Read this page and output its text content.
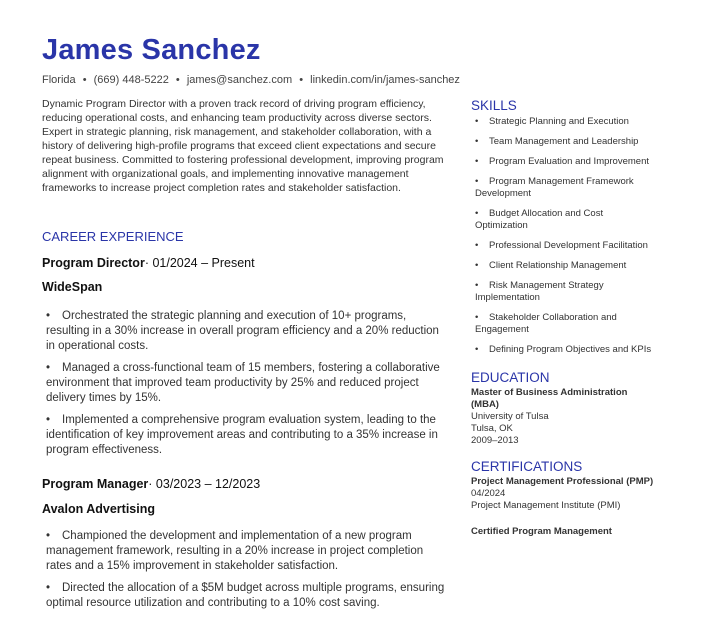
James Sanchez
Florida • (669) 448-5222 • james@sanchez.com • linkedin.com/in/james-sanchez
Dynamic Program Director with a proven track record of driving program efficiency, reducing operational costs, and enhancing team productivity across diverse sectors. Expert in strategic planning, risk management, and stakeholder collaboration, with a history of delivering high-profile programs that exceed client expectations and secure repeat business. Committed to fostering professional development, improving program alignment with organizational goals, and implementing innovative management frameworks to increase project completion rates and stakeholder satisfaction.
CAREER EXPERIENCE
Program Director· 01/2024 – Present
WideSpan
• Orchestrated the strategic planning and execution of 10+ programs, resulting in a 30% increase in overall program efficiency and a 20% reduction in operational costs.
• Managed a cross-functional team of 15 members, fostering a collaborative environment that improved team productivity by 25% and reduced project delivery times by 15%.
• Implemented a comprehensive program evaluation system, leading to the identification of key improvement areas and contributing to a 35% increase in program effectiveness.
Program Manager· 03/2023 – 12/2023
Avalon Advertising
• Championed the development and implementation of a new program management framework, resulting in a 20% increase in project completion rates and a 15% improvement in stakeholder satisfaction.
• Directed the allocation of a $5M budget across multiple programs, ensuring optimal resource utilization and contributing to a 10% cost saving.
SKILLS
• Strategic Planning and Execution
• Team Management and Leadership
• Program Evaluation and Improvement
• Program Management Framework Development
• Budget Allocation and Cost Optimization
• Professional Development Facilitation
• Client Relationship Management
• Risk Management Strategy Implementation
• Stakeholder Collaboration and Engagement
• Defining Program Objectives and KPIs
EDUCATION
Master of Business Administration (MBA)
University of Tulsa
Tulsa, OK
2009–2013
CERTIFICATIONS
Project Management Professional (PMP)
04/2024
Project Management Institute (PMI)
Certified Program Management
